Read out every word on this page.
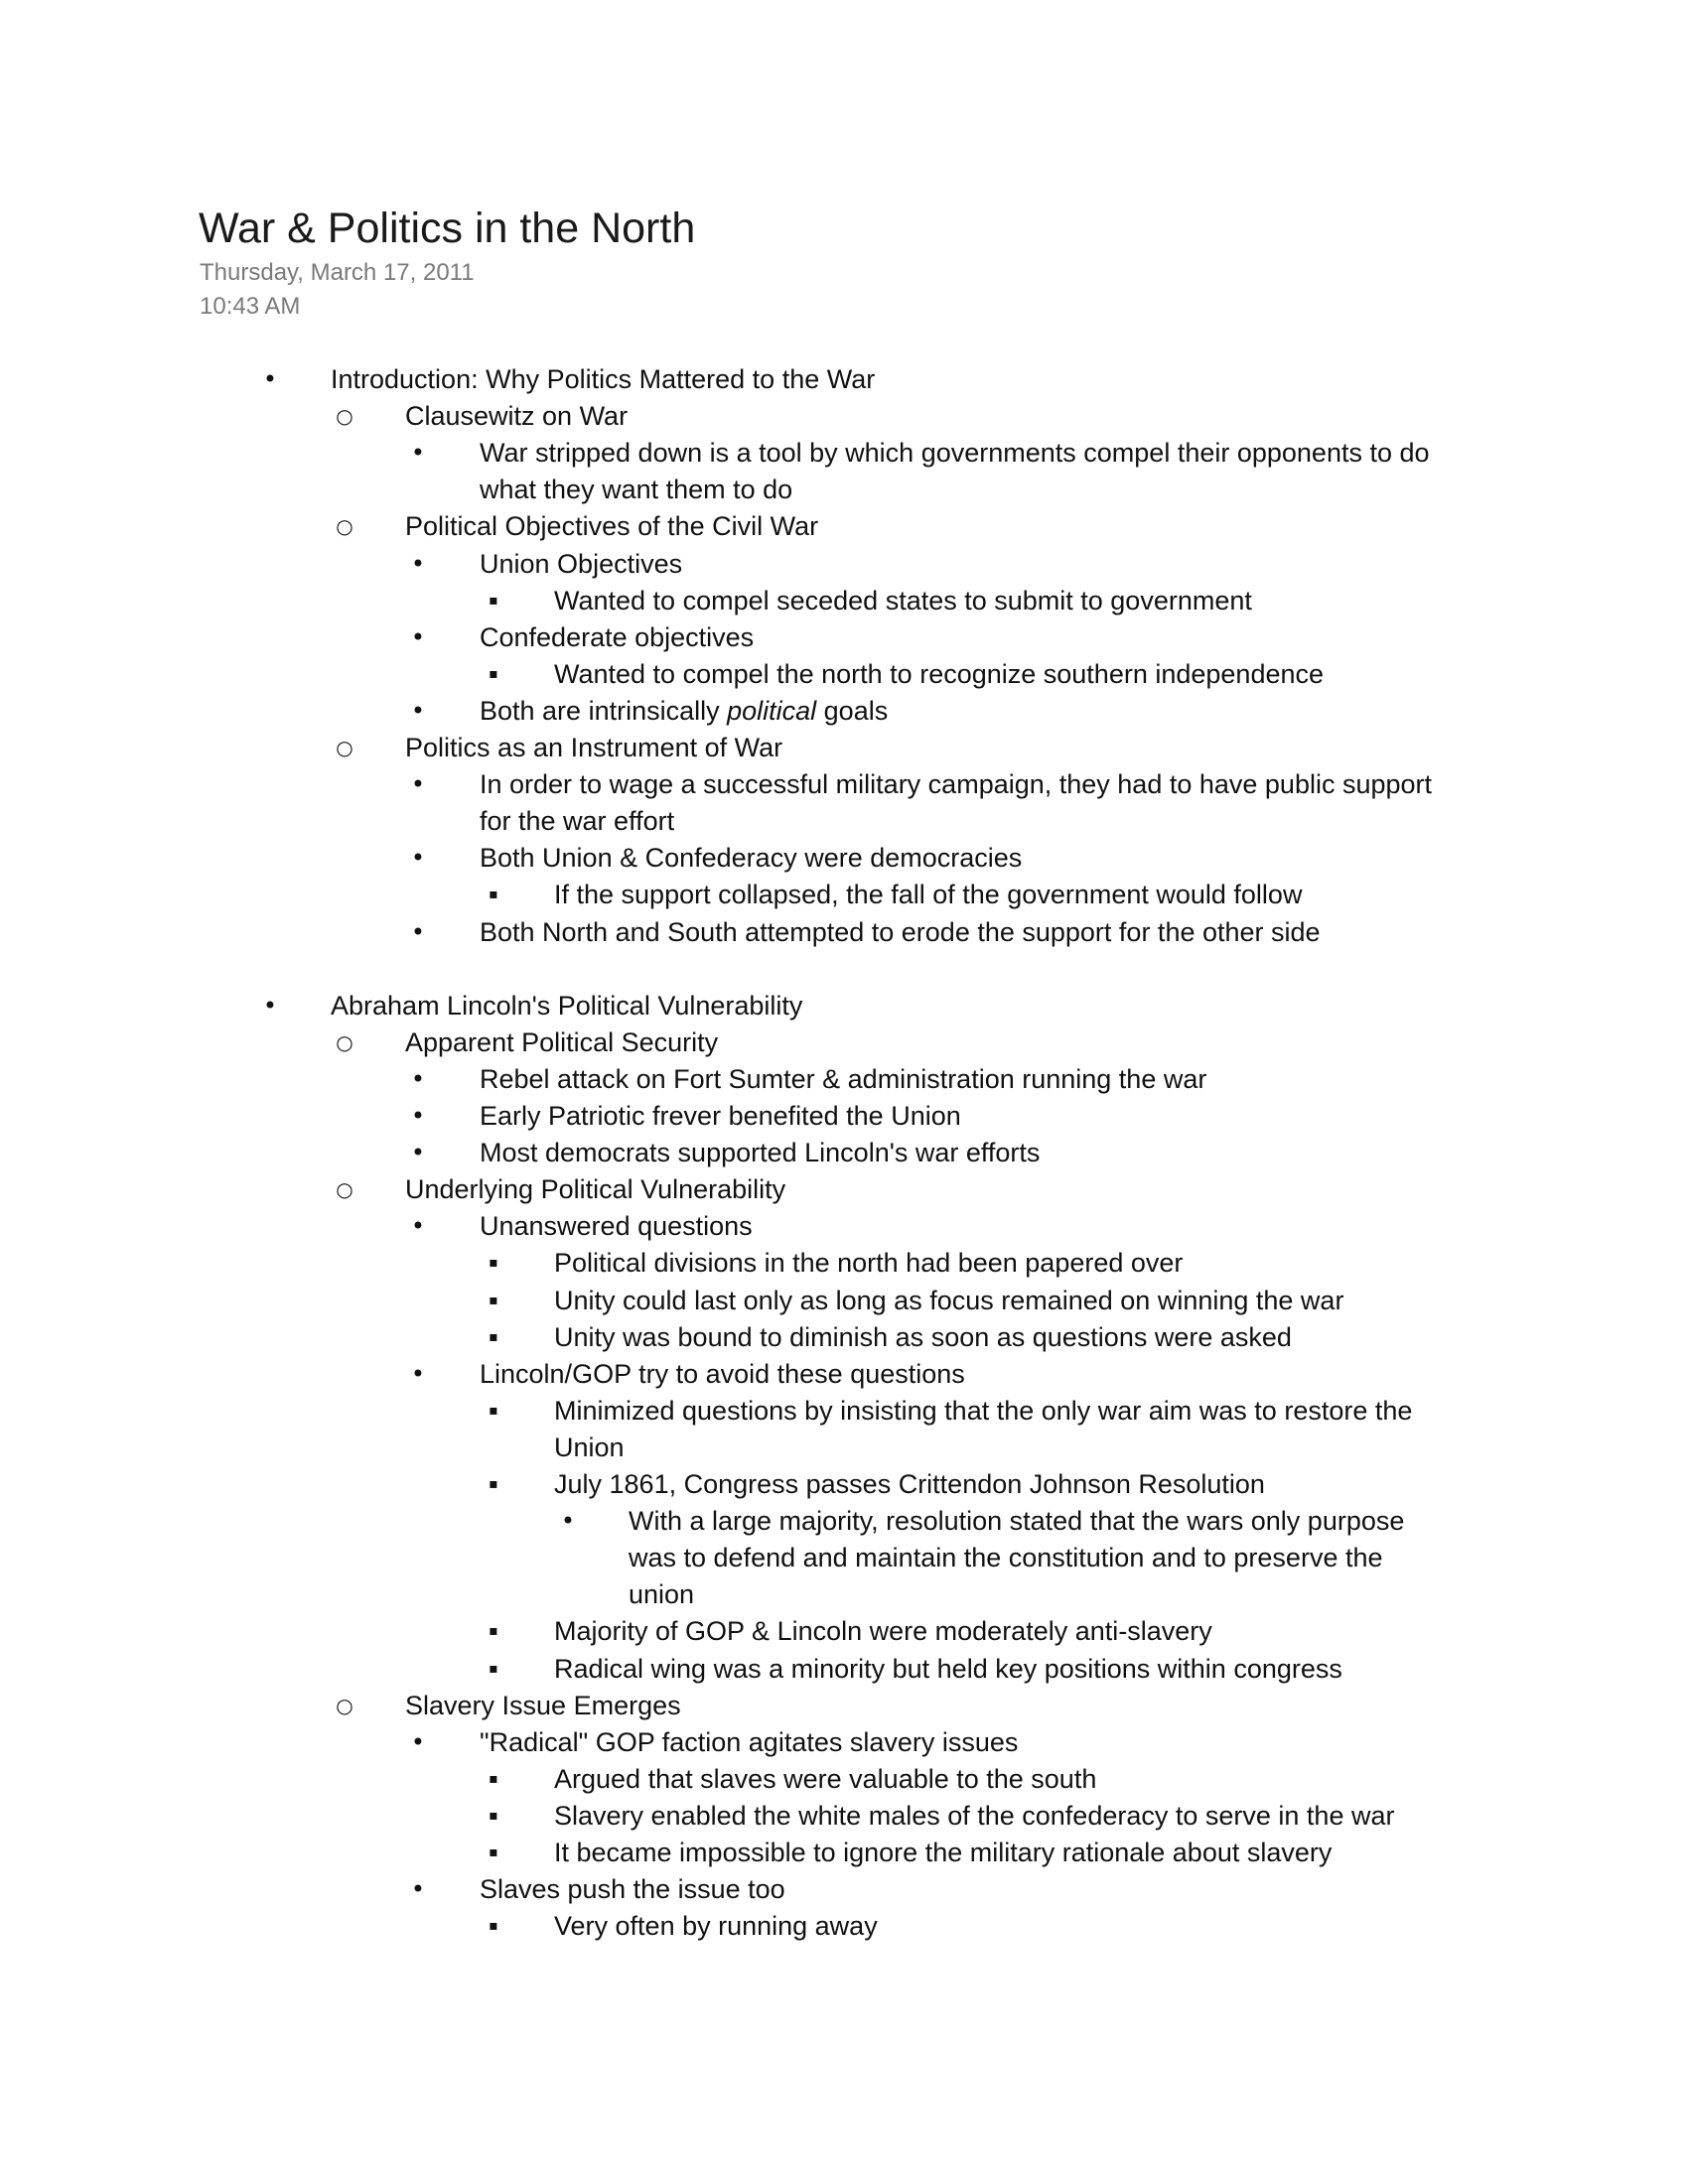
War & Politics in the North
Thursday, March 17, 2011
10:43 AM
• Introduction: Why Politics Mattered to the War
○ Clausewitz on War
• War stripped down is a tool by which governments compel their opponents to do
what they want them to do
○ Political Objectives of the Civil War
• Union Objectives
▪	Wanted to compel seceded states to submit to government
• Confederate objectives
▪	Wanted to compel the north to recognize southern independence
• Both are intrinsically political goals
○ Politics as an Instrument of War
• In order to wage a successful military campaign, they had to have public support
for the war effort
• Both Union & Confederacy were democracies
▪	If the support collapsed, the fall of the government would follow
• Both North and South attempted to erode the support for the other side
• Abraham Lincoln's Political Vulnerability
○ Apparent Political Security
• Rebel attack on Fort Sumter & administration running the war
• Early Patriotic frever benefited the Union
• Most democrats supported Lincoln's war efforts
○ Underlying Political Vulnerability
• Unanswered questions
▪	Political divisions in the north had been papered over
▪	Unity could last only as long as focus remained on winning the war
▪	Unity was bound to diminish as soon as questions were asked
• Lincoln/GOP try to avoid these questions
▪	Minimized questions by insisting that the only war aim was to restore the
Union
▪	July 1861, Congress passes Crittendon Johnson Resolution
• With a large majority, resolution stated that the wars only purpose
was to defend and maintain the constitution and to preserve the
union
▪	Majority of GOP & Lincoln were moderately anti-slavery
▪	Radical wing was a minority but held key positions within congress
○ Slavery Issue Emerges
• "Radical" GOP faction agitates slavery issues
▪	Argued that slaves were valuable to the south
▪	Slavery enabled the white males of the confederacy to serve in the war
▪	It became impossible to ignore the military rationale about slavery
• Slaves push the issue too
▪	Very often by running away
